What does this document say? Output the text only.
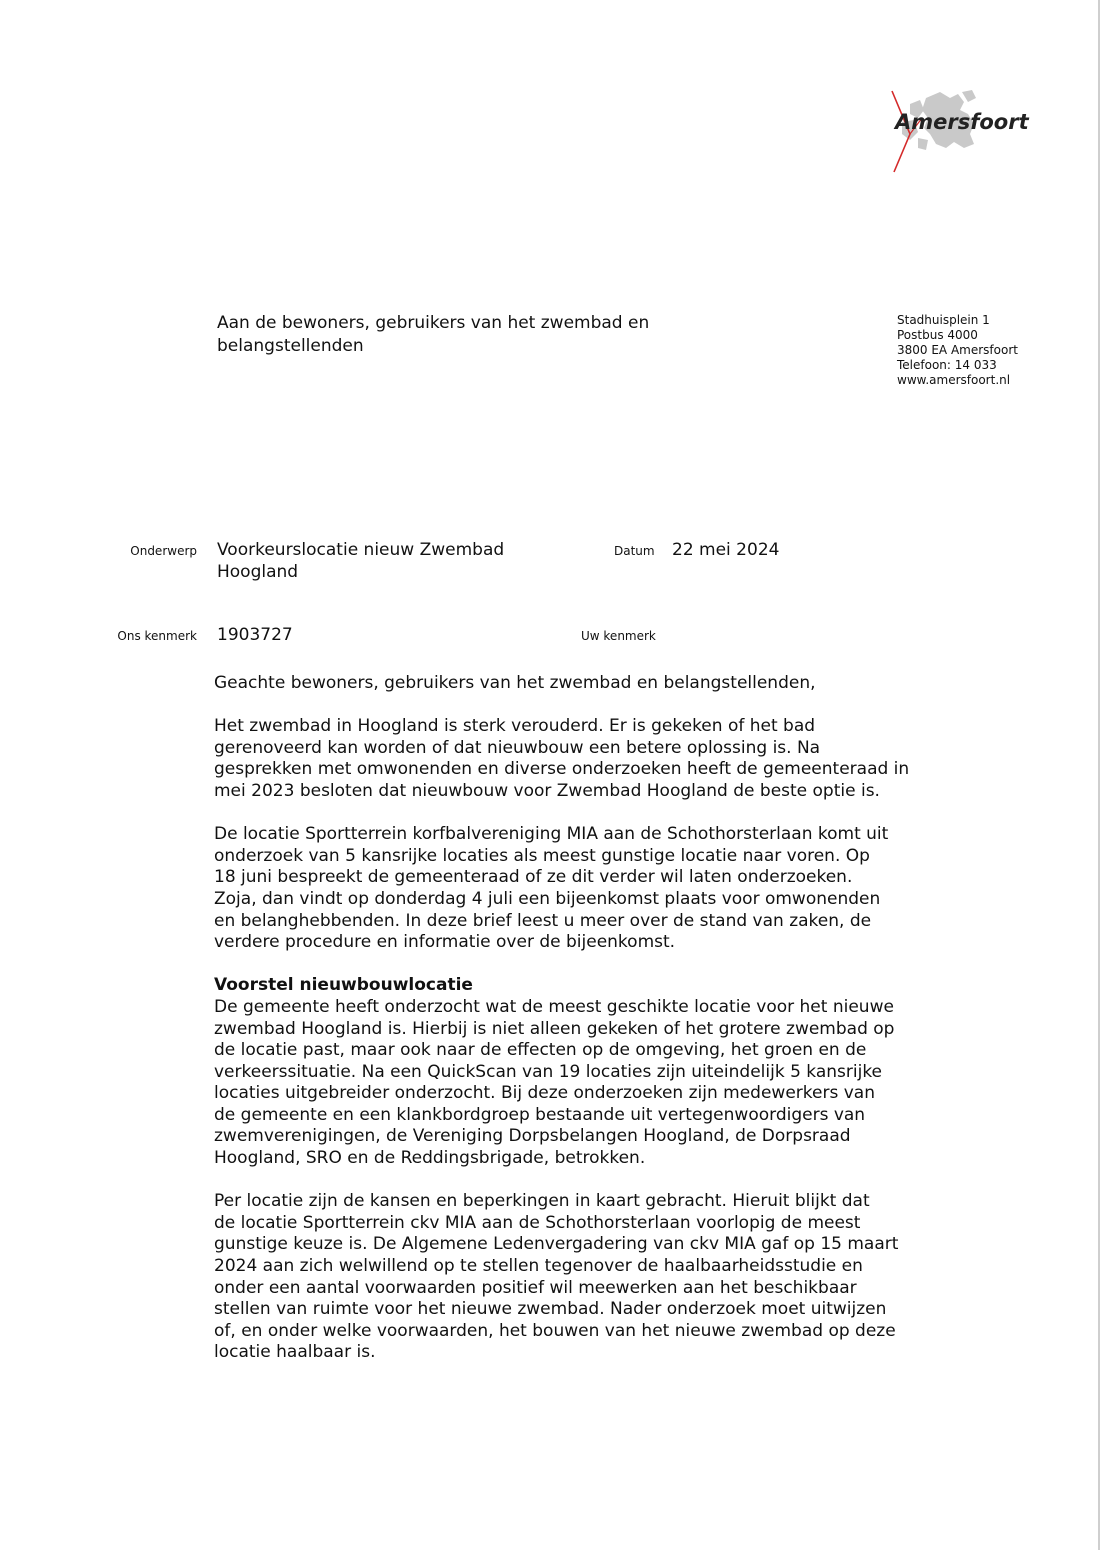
Amersfoort
Aan de bewoners, gebruikers van het zwembad en
belangstellenden
Stadhuisplein 1
Postbus 4000
3800 EA Amersfoort
Telefoon: 14 033
www.amersfoort.nl
Onderwerp Voorkeurslocatie nieuw Zwembad
Hoogland
Datum 22 mei 2024
Ons kenmerk 1903727	Uw kenmerk
Geachte bewoners, gebruikers van het zwembad en belangstellenden,
Het zwembad in Hoogland is sterk verouderd. Er is gekeken of het bad
gerenoveerd kan worden of dat nieuwbouw een betere oplossing is. Na
gesprekken met omwonenden en diverse onderzoeken heeft de gemeenteraad in
mei 2023 besloten dat nieuwbouw voor Zwembad Hoogland de beste optie is.
De locatie Sportterrein korfbalvereniging MIA aan de Schothorsterlaan komt uit
onderzoek van 5 kansrijke locaties als meest gunstige locatie naar voren. Op
18 juni bespreekt de gemeenteraad of ze dit verder wil laten onderzoeken.
Zoja, dan vindt op donderdag 4 juli een bijeenkomst plaats voor omwonenden
en belanghebbenden. In deze brief leest u meer over de stand van zaken, de
verdere procedure en informatie over de bijeenkomst.
Voorstel nieuwbouwlocatie
De gemeente heeft onderzocht wat de meest geschikte locatie voor het nieuwe
zwembad Hoogland is. Hierbij is niet alleen gekeken of het grotere zwembad op
de locatie past, maar ook naar de effecten op de omgeving, het groen en de
verkeerssituatie. Na een QuickScan van 19 locaties zijn uiteindelijk 5 kansrijke
locaties uitgebreider onderzocht. Bij deze onderzoeken zijn medewerkers van
de gemeente en een klankbordgroep bestaande uit vertegenwoordigers van
zwemverenigingen, de Vereniging Dorpsbelangen Hoogland, de Dorpsraad
Hoogland, SRO en de Reddingsbrigade, betrokken.
Per locatie zijn de kansen en beperkingen in kaart gebracht. Hieruit blijkt dat
de locatie Sportterrein ckv MIA aan de Schothorsterlaan voorlopig de meest
gunstige keuze is. De Algemene Ledenvergadering van ckv MIA gaf op 15 maart
2024 aan zich welwillend op te stellen tegenover de haalbaarheidsstudie en
onder een aantal voorwaarden positief wil meewerken aan het beschikbaar
stellen van ruimte voor het nieuwe zwembad. Nader onderzoek moet uitwijzen
of, en onder welke voorwaarden, het bouwen van het nieuwe zwembad op deze
locatie haalbaar is.
